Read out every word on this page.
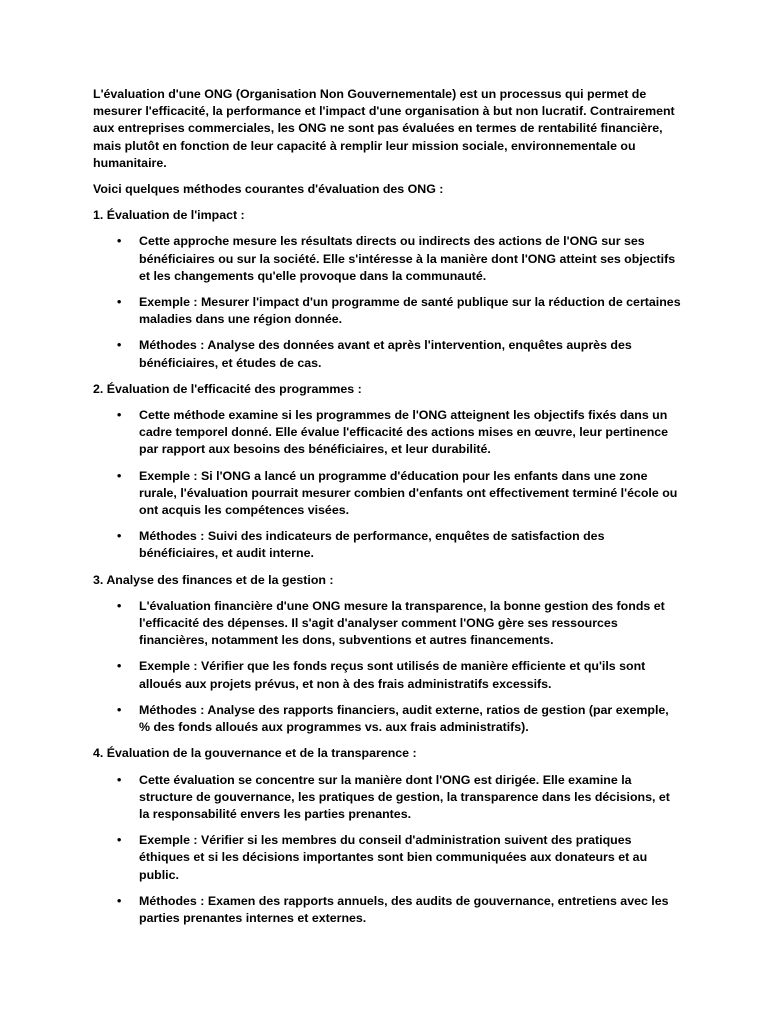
L'évaluation d'une ONG (Organisation Non Gouvernementale) est un processus qui permet de mesurer l'efficacité, la performance et l'impact d'une organisation à but non lucratif. Contrairement aux entreprises commerciales, les ONG ne sont pas évaluées en termes de rentabilité financière, mais plutôt en fonction de leur capacité à remplir leur mission sociale, environnementale ou humanitaire.

Voici quelques méthodes courantes d'évaluation des ONG :

1. Évaluation de l'impact :

• Cette approche mesure les résultats directs ou indirects des actions de l'ONG sur ses bénéficiaires ou sur la société. Elle s'intéresse à la manière dont l'ONG atteint ses objectifs et les changements qu'elle provoque dans la communauté.
• Exemple : Mesurer l'impact d'un programme de santé publique sur la réduction de certaines maladies dans une région donnée.
• Méthodes : Analyse des données avant et après l'intervention, enquêtes auprès des bénéficiaires, et études de cas.

2. Évaluation de l'efficacité des programmes :

• Cette méthode examine si les programmes de l'ONG atteignent les objectifs fixés dans un cadre temporel donné. Elle évalue l'efficacité des actions mises en œuvre, leur pertinence par rapport aux besoins des bénéficiaires, et leur durabilité.
• Exemple : Si l'ONG a lancé un programme d'éducation pour les enfants dans une zone rurale, l'évaluation pourrait mesurer combien d'enfants ont effectivement terminé l'école ou ont acquis les compétences visées.
• Méthodes : Suivi des indicateurs de performance, enquêtes de satisfaction des bénéficiaires, et audit interne.

3. Analyse des finances et de la gestion :

• L'évaluation financière d'une ONG mesure la transparence, la bonne gestion des fonds et l'efficacité des dépenses. Il s'agit d'analyser comment l'ONG gère ses ressources financières, notamment les dons, subventions et autres financements.
• Exemple : Vérifier que les fonds reçus sont utilisés de manière efficiente et qu'ils sont alloués aux projets prévus, et non à des frais administratifs excessifs.
• Méthodes : Analyse des rapports financiers, audit externe, ratios de gestion (par exemple, % des fonds alloués aux programmes vs. aux frais administratifs).

4. Évaluation de la gouvernance et de la transparence :

• Cette évaluation se concentre sur la manière dont l'ONG est dirigée. Elle examine la structure de gouvernance, les pratiques de gestion, la transparence dans les décisions, et la responsabilité envers les parties prenantes.
• Exemple : Vérifier si les membres du conseil d'administration suivent des pratiques éthiques et si les décisions importantes sont bien communiquées aux donateurs et au public.
• Méthodes : Examen des rapports annuels, des audits de gouvernance, entretiens avec les parties prenantes internes et externes.
